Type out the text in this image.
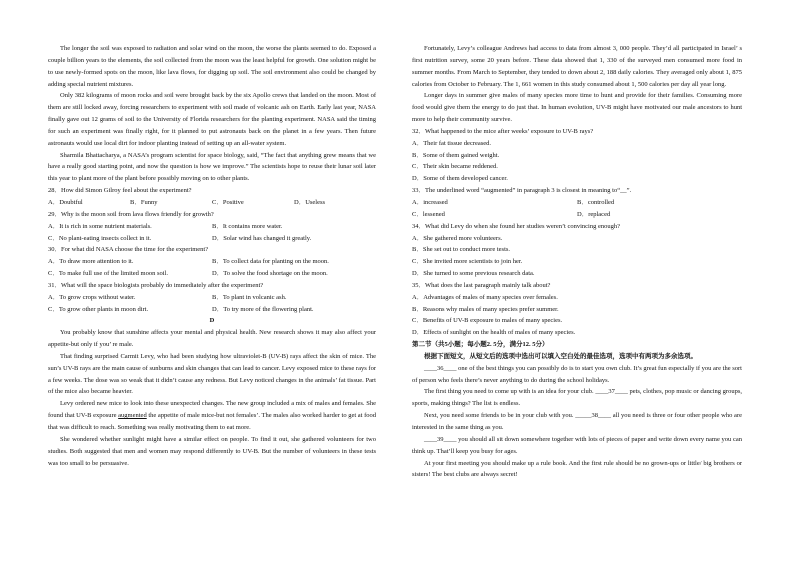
The longer the soil was exposed to radiation and solar wind on the moon, the worse the plants seemed to do. Exposed a couple billion years to the elements, the soil collected from the moon was the least helpful for growth. One solution might be to use newly-formed spots on the moon, like lava flows, for digging up soil. The soil environment also could be changed by adding special nutrient mixtures.

Only 382 kilograms of moon rocks and soil were brought back by the six Apollo crews that landed on the moon. Most of them are still locked away, forcing researchers to experiment with soil made of volcanic ash on Earth. Early last year, NASA finally gave out 12 grams of soil to the University of Florida researchers for the planting experiment. NASA said the timing for such an experiment was finally right, for it planned to put astronauts back on the planet in a few years. Then future astronauts would use local dirt for indoor planting instead of setting up an all-water system.

Sharmila Bhattacharya, a NASA’s program scientist for space biology, said, “The fact that anything grew means that we have a really good starting point, and now the question is how we improve.” The scientists hope to reuse their lunar soil later this year to plant more of the plant before possibly moving on to other plants.

28．How did Simon Gilroy feel about the experiment?

A．Doubtful	B．Funny	C．Positive	D．Useless

29．Why is the moon soil from lava flows friendly for growth?

A．It is rich in some nutrient materials.	B．It contains more water.
C．No plant-eating insects collect in it.	D．Solar wind has changed it greatly.

30．For what did NASA choose the time for the experiment?

A．To draw more attention to it.	B．To collect data for planting on the moon.
C．To make full use of the limited moon soil.	D．To solve the food shortage on the moon.

31．What will the space biologists probably do immediately after the experiment?

A．To grow crops without water.	B．To plant in volcanic ash.
C．To grow other plants in moon dirt.	D．To try more of the flowering plant.

D

You probably know that sunshine affects your mental and physical health. New research shows it may also affect your appetite-but only if you’ re male.

That finding surprised Carmit Levy, who had been studying how ultraviolet-B (UV-B) rays affect the skin of mice. The sun’s UV-B rays are the main cause of sunburns and skin changes that can lead to cancer. Levy exposed mice to these rays for a few weeks. The dose was so weak that it didn’t cause any redness. But Levy noticed changes in the animals’ fat tissue. Part of the mice also became heavier.

Levy ordered new mice to look into these unexpected changes. The new group included a mix of males and females. She found that UV-B exposure augmented the appetite of male mice-but not females’. The males also worked harder to get at food that was difficult to reach. Something was really motivating them to eat more.

She wondered whether sunlight might have a similar effect on people. To find it out, she gathered volunteers for two studies. Both suggested that men and women may respond differently to UV-B. But the number of volunteers in these tests was too small to be persuasive.

Fortunately, Levy’s colleague Andrews had access to data from almost 3, 000 people. They’d all participated in Israel’ s first nutrition survey, some 20 years before. These data showed that 1, 330 of the surveyed men consumed more food in summer months. From March to September, they tended to down about 2, 188 daily calories. They averaged only about 1, 875 calories from October to February. The 1, 661 women in this study consumed about 1, 500 calories per day all year long.

Longer days in summer give males of many species more time to hunt and provide for their families. Consuming more food would give them the energy to do just that. In human evolution, UV-B might have motivated our male ancestors to hunt more to help their community survive.

32．What happened to the mice after weeks’ exposure to UV-B rays?

A．Their fat tissue decreased.

B．Some of them gained weight.

C．Their skin became reddened.

D．Some of them developed cancer.

33．The underlined word “augmented” in paragraph 3 is closest in meaning to“__”.

A．increased	B．controlled
C．lessened	D．replaced

34．What did Levy do when she found her studies weren’t convincing enough?

A．She gathered more volunteers.

B．She set out to conduct more tests.

C．She invited more scientists to join her.

D．She turned to some previous research data.

35．What does the last paragraph mainly talk about?

A．Advantages of males of many species over females.

B．Reasons why males of many species prefer summer.

C．Benefits of UV-B exposure to males of many species.

D．Effects of sunlight on the health of males of many species.

第二节（共5小题；每小题2. 5分，满分12. 5分）

根据下面短文，从短文后的选项中选出可以填入空白处的最佳选项，选项中有两项为多余选项。

____36____ one of the best things you can possibly do is to start you own club. It’s great fun especially if you are the sort of person who feels there’s never anything to do during the school holidays.

The first thing you need to come up with is an idea for your club. ____37____ pets, clothes, pop music or dancing groups, sports, making things? The list is endless.

Next, you need some friends to be in your club with you. _____38____ all you need is three or four other people who are interested in the same thing as you.

____39____ you should all sit down somewhere together with lots of pieces of paper and write down every name you can think up. That’ll keep you busy for ages.

At your first meeting you should make up a rule book. And the first rule should be no grown-ups or little/ big brothers or sisters! The best clubs are always secret!
